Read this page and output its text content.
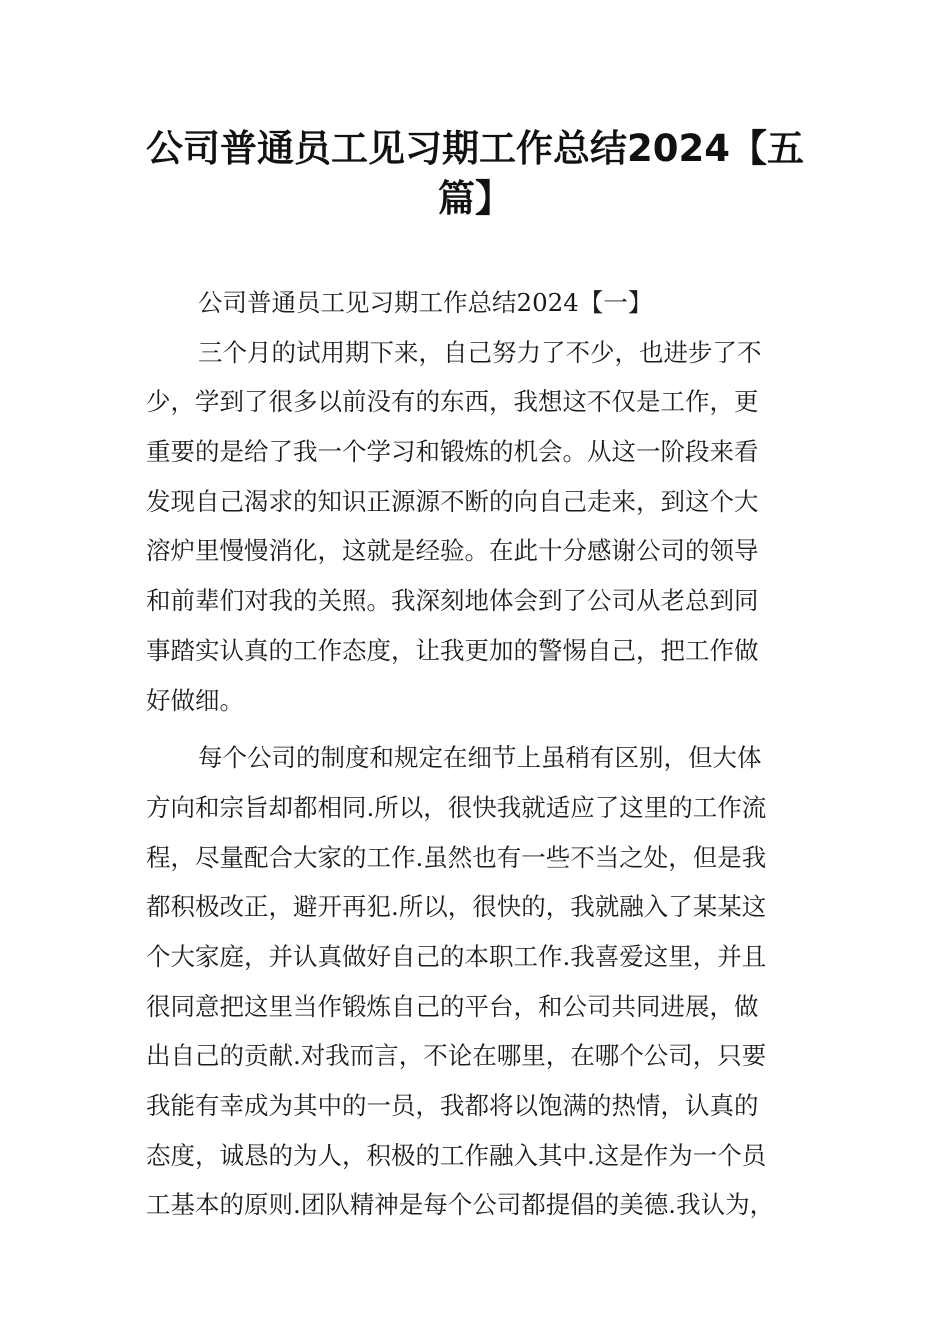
公司普通员工见习期工作总结2024【五篇】
公司普通员工见习期工作总结2024【一】
三个月的试用期下来，自己努力了不少，也进步了不
少，学到了很多以前没有的东西，我想这不仅是工作，更
重要的是给了我一个学习和锻炼的机会。从这一阶段来看
发现自己渴求的知识正源源不断的向自己走来，到这个大
溶炉里慢慢消化，这就是经验。在此十分感谢公司的领导
和前辈们对我的关照。我深刻地体会到了公司从老总到同
事踏实认真的工作态度，让我更加的警惕自己，把工作做
好做细。
每个公司的制度和规定在细节上虽稍有区别，但大体
方向和宗旨却都相同.所以，很快我就适应了这里的工作流
程，尽量配合大家的工作.虽然也有一些不当之处，但是我
都积极改正，避开再犯.所以，很快的，我就融入了某某这
个大家庭，并认真做好自己的本职工作.我喜爱这里，并且
很同意把这里当作锻炼自己的平台，和公司共同进展，做
出自己的贡献.对我而言，不论在哪里，在哪个公司，只要
我能有幸成为其中的一员，我都将以饱满的热情，认真的
态度，诚恳的为人，积极的工作融入其中.这是作为一个员
工基本的原则.团队精神是每个公司都提倡的美德.我认为，
